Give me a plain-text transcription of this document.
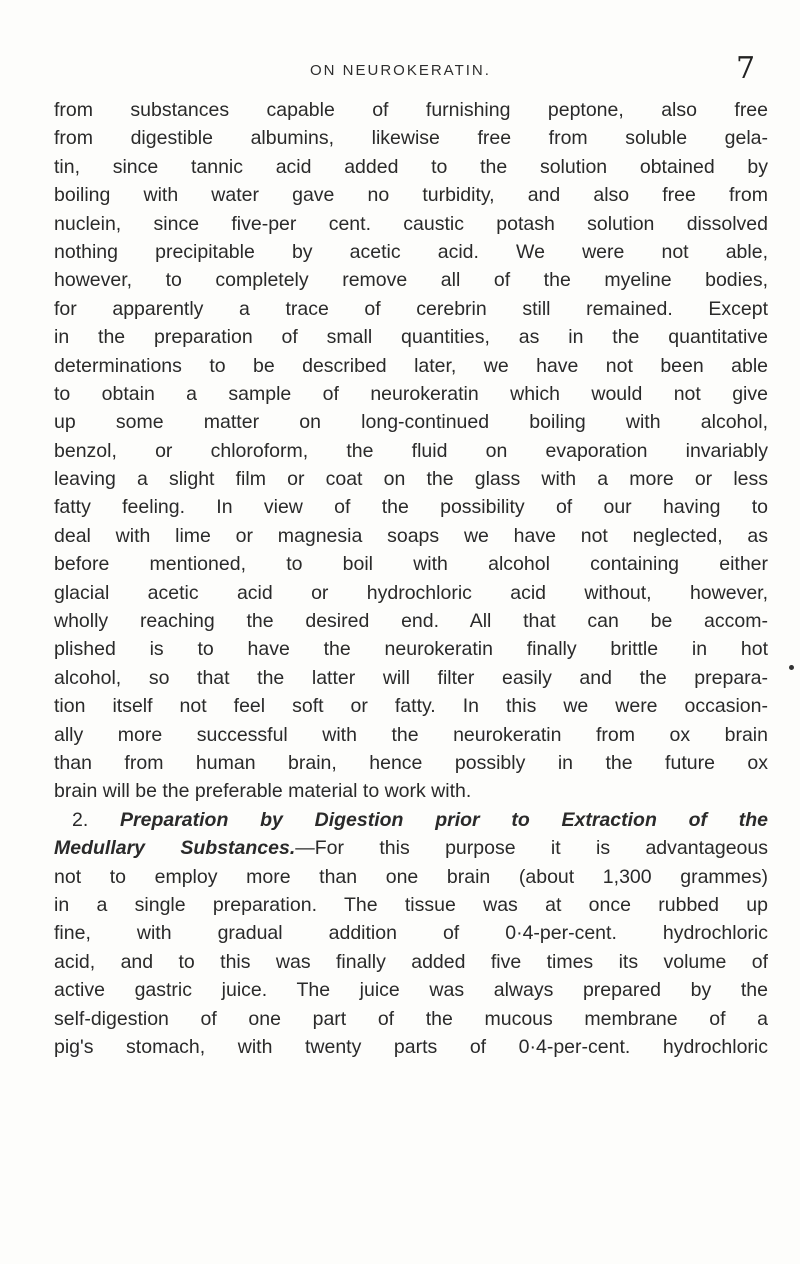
ON NEUROKERATIN.	7
from substances capable of furnishing peptone, also free
from digestible albumins, likewise free from soluble gela-
tin, since tannic acid added to the solution obtained by
boiling with water gave no turbidity, and also free from
nuclein, since five-per cent. caustic potash solution dissolved
nothing precipitable by acetic acid. We were not able,
however, to completely remove all of the myeline bodies,
for apparently a trace of cerebrin still remained. Except
in the preparation of small quantities, as in the quantitative
determinations to be described later, we have not been able
to obtain a sample of neurokeratin which would not give
up some matter on long-continued boiling with alcohol,
benzol, or chloroform, the fluid on evaporation invariably
leaving a slight film or coat on the glass with a more or less
fatty feeling. In view of the possibility of our having to
deal with lime or magnesia soaps we have not neglected, as
before mentioned, to boil with alcohol containing either
glacial acetic acid or hydrochloric acid without, however,
wholly reaching the desired end. All that can be accom-
plished is to have the neurokeratin finally brittle in hot
alcohol, so that the latter will filter easily and the prepara-
tion itself not feel soft or fatty. In this we were occasion-
ally more successful with the neurokeratin from ox brain
than from human brain, hence possibly in the future ox
brain will be the preferable material to work with.
2. Preparation by Digestion prior to Extraction of the
Medullary Substances.—For this purpose it is advantageous
not to employ more than one brain (about 1,300 grammes)
in a single preparation. The tissue was at once rubbed up
fine, with gradual addition of 0·4-per-cent. hydrochloric
acid, and to this was finally added five times its volume of
active gastric juice. The juice was always prepared by the
self-digestion of one part of the mucous membrane of a
pig's stomach, with twenty parts of 0·4-per-cent. hydrochloric
